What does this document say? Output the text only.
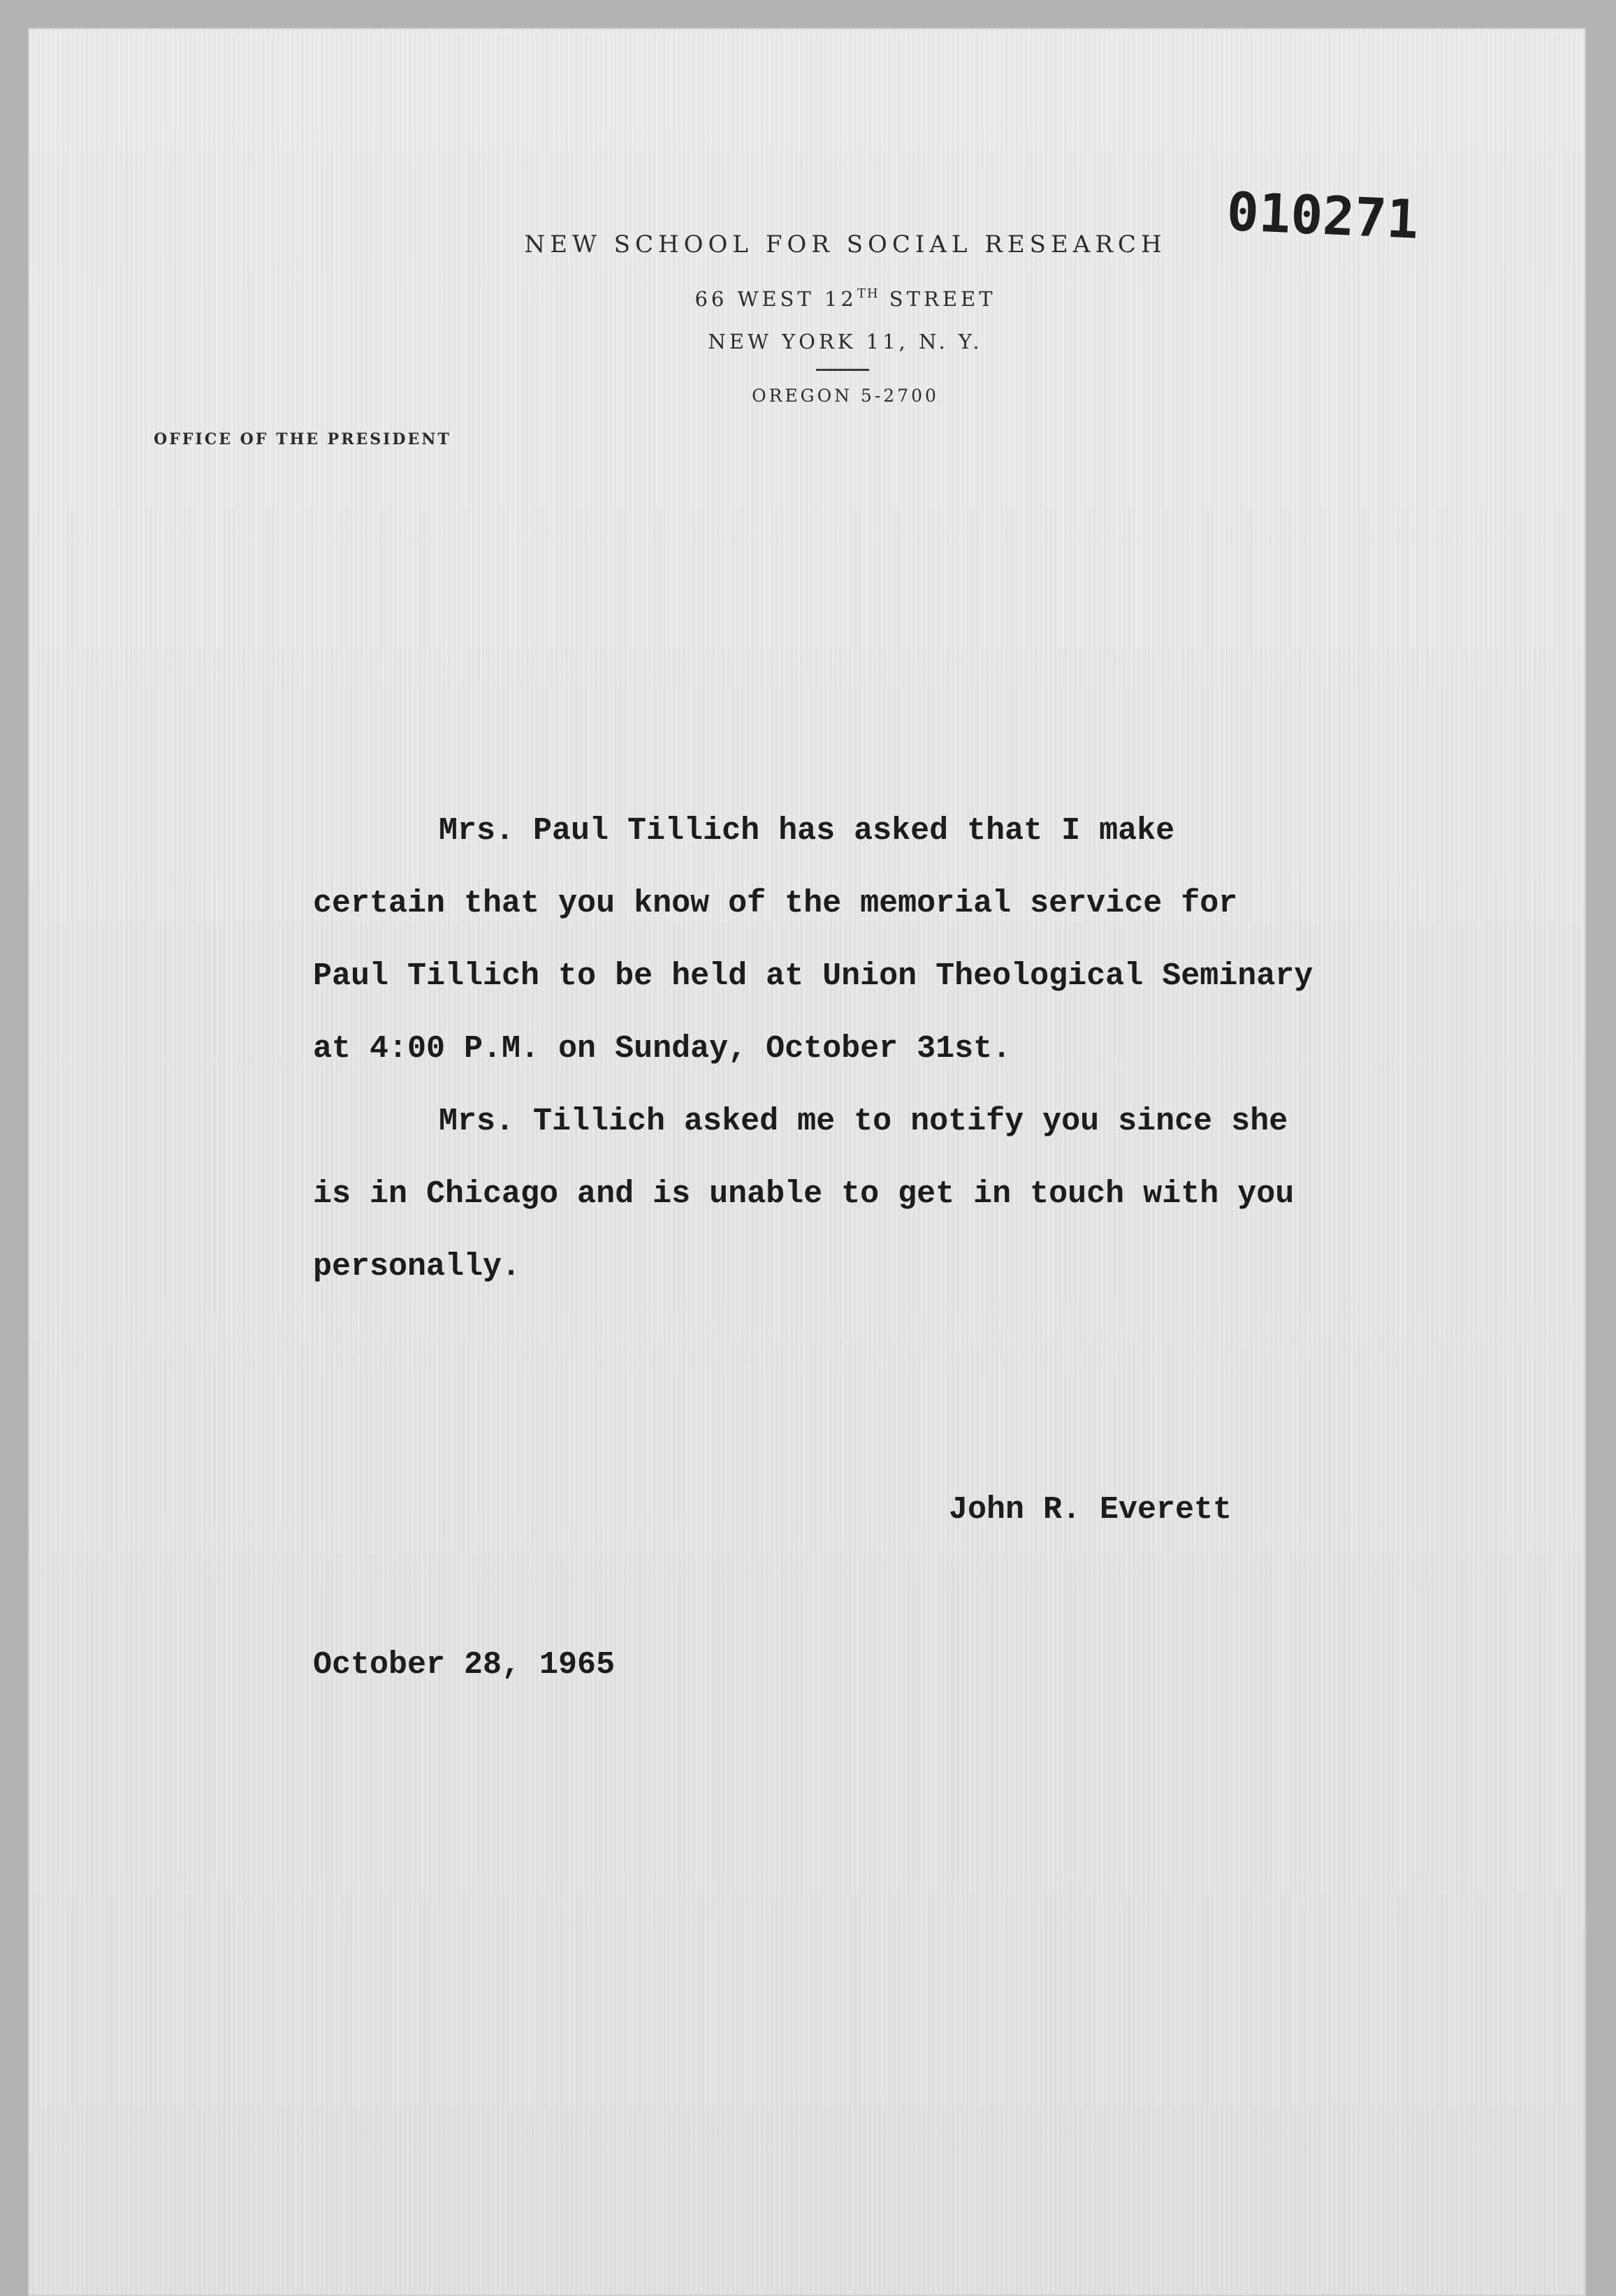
NEW SCHOOL FOR SOCIAL RESEARCH
66 WEST 12TH STREET
NEW YORK 11, N. Y.
OREGON 5-2700
OFFICE OF THE PRESIDENT
010271

Mrs. Paul Tillich has asked that I make certain that you know of the memorial service for Paul Tillich to be held at Union Theological Seminary at 4:00 P.M. on Sunday, October 31st.

Mrs. Tillich asked me to notify you since she is in Chicago and is unable to get in touch with you personally.

John R. Everett
October 28, 1965
